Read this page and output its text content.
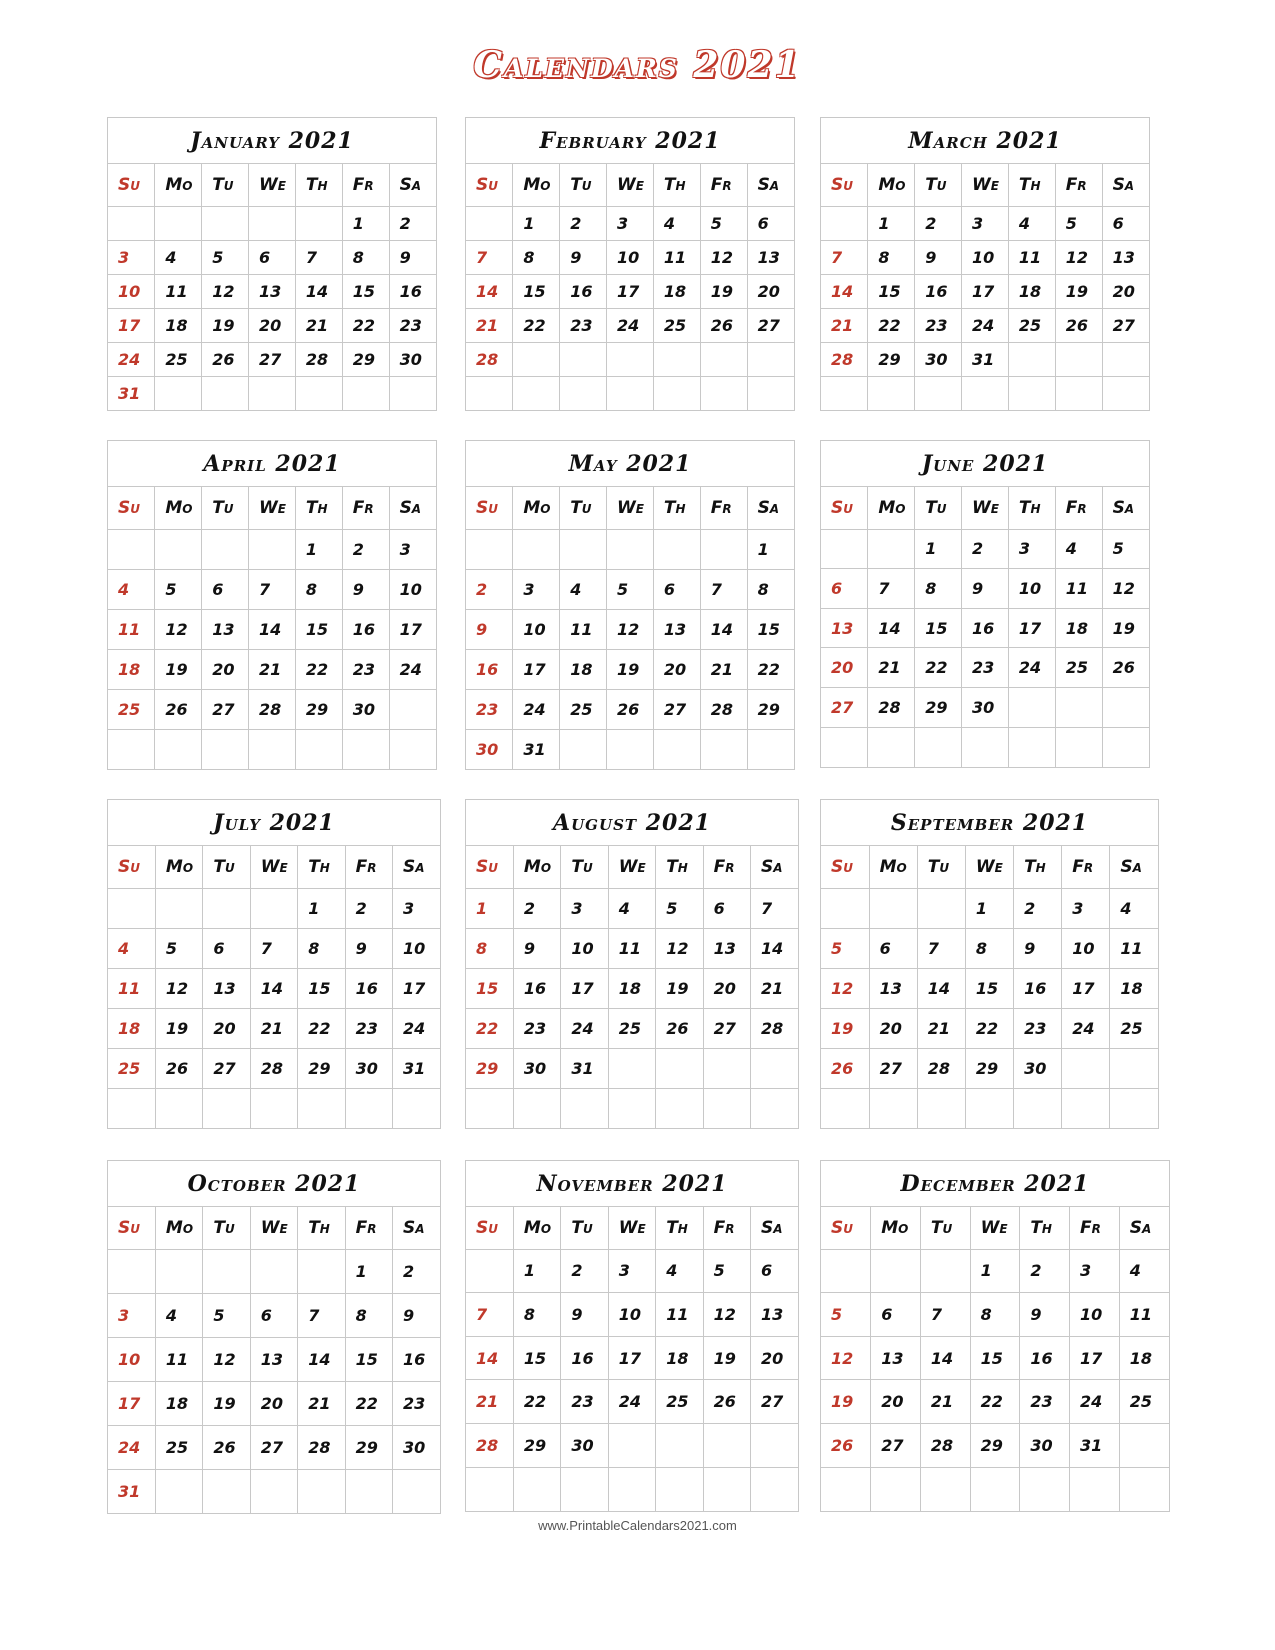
Calendars 2021
January 2021
Su	Mo	Tu	We	Th	Fr	Sa
					1	2
3	4	5	6	7	8	9
10	11	12	13	14	15	16
17	18	19	20	21	22	23
24	25	26	27	28	29	30
31						
February 2021
Su	Mo	Tu	We	Th	Fr	Sa
	1	2	3	4	5	6
7	8	9	10	11	12	13
14	15	16	17	18	19	20
21	22	23	24	25	26	27
28						

March 2021
Su	Mo	Tu	We	Th	Fr	Sa
	1	2	3	4	5	6
7	8	9	10	11	12	13
14	15	16	17	18	19	20
21	22	23	24	25	26	27
28	29	30	31			

April 2021
Su	Mo	Tu	We	Th	Fr	Sa
				1	2	3
4	5	6	7	8	9	10
11	12	13	14	15	16	17
18	19	20	21	22	23	24
25	26	27	28	29	30	

May 2021
Su	Mo	Tu	We	Th	Fr	Sa
						1
2	3	4	5	6	7	8
9	10	11	12	13	14	15
16	17	18	19	20	21	22
23	24	25	26	27	28	29
30	31					
June 2021
Su	Mo	Tu	We	Th	Fr	Sa
		1	2	3	4	5
6	7	8	9	10	11	12
13	14	15	16	17	18	19
20	21	22	23	24	25	26
27	28	29	30			

July 2021
Su	Mo	Tu	We	Th	Fr	Sa
				1	2	3
4	5	6	7	8	9	10
11	12	13	14	15	16	17
18	19	20	21	22	23	24
25	26	27	28	29	30	31

August 2021
Su	Mo	Tu	We	Th	Fr	Sa
1	2	3	4	5	6	7
8	9	10	11	12	13	14
15	16	17	18	19	20	21
22	23	24	25	26	27	28
29	30	31				

September 2021
Su	Mo	Tu	We	Th	Fr	Sa
			1	2	3	4
5	6	7	8	9	10	11
12	13	14	15	16	17	18
19	20	21	22	23	24	25
26	27	28	29	30		

October 2021
Su	Mo	Tu	We	Th	Fr	Sa
					1	2
3	4	5	6	7	8	9
10	11	12	13	14	15	16
17	18	19	20	21	22	23
24	25	26	27	28	29	30
31						
November 2021
Su	Mo	Tu	We	Th	Fr	Sa
	1	2	3	4	5	6
7	8	9	10	11	12	13
14	15	16	17	18	19	20
21	22	23	24	25	26	27
28	29	30				

December 2021
Su	Mo	Tu	We	Th	Fr	Sa
			1	2	3	4
5	6	7	8	9	10	11
12	13	14	15	16	17	18
19	20	21	22	23	24	25
26	27	28	29	30	31	

www.PrintableCalendars2021.com
